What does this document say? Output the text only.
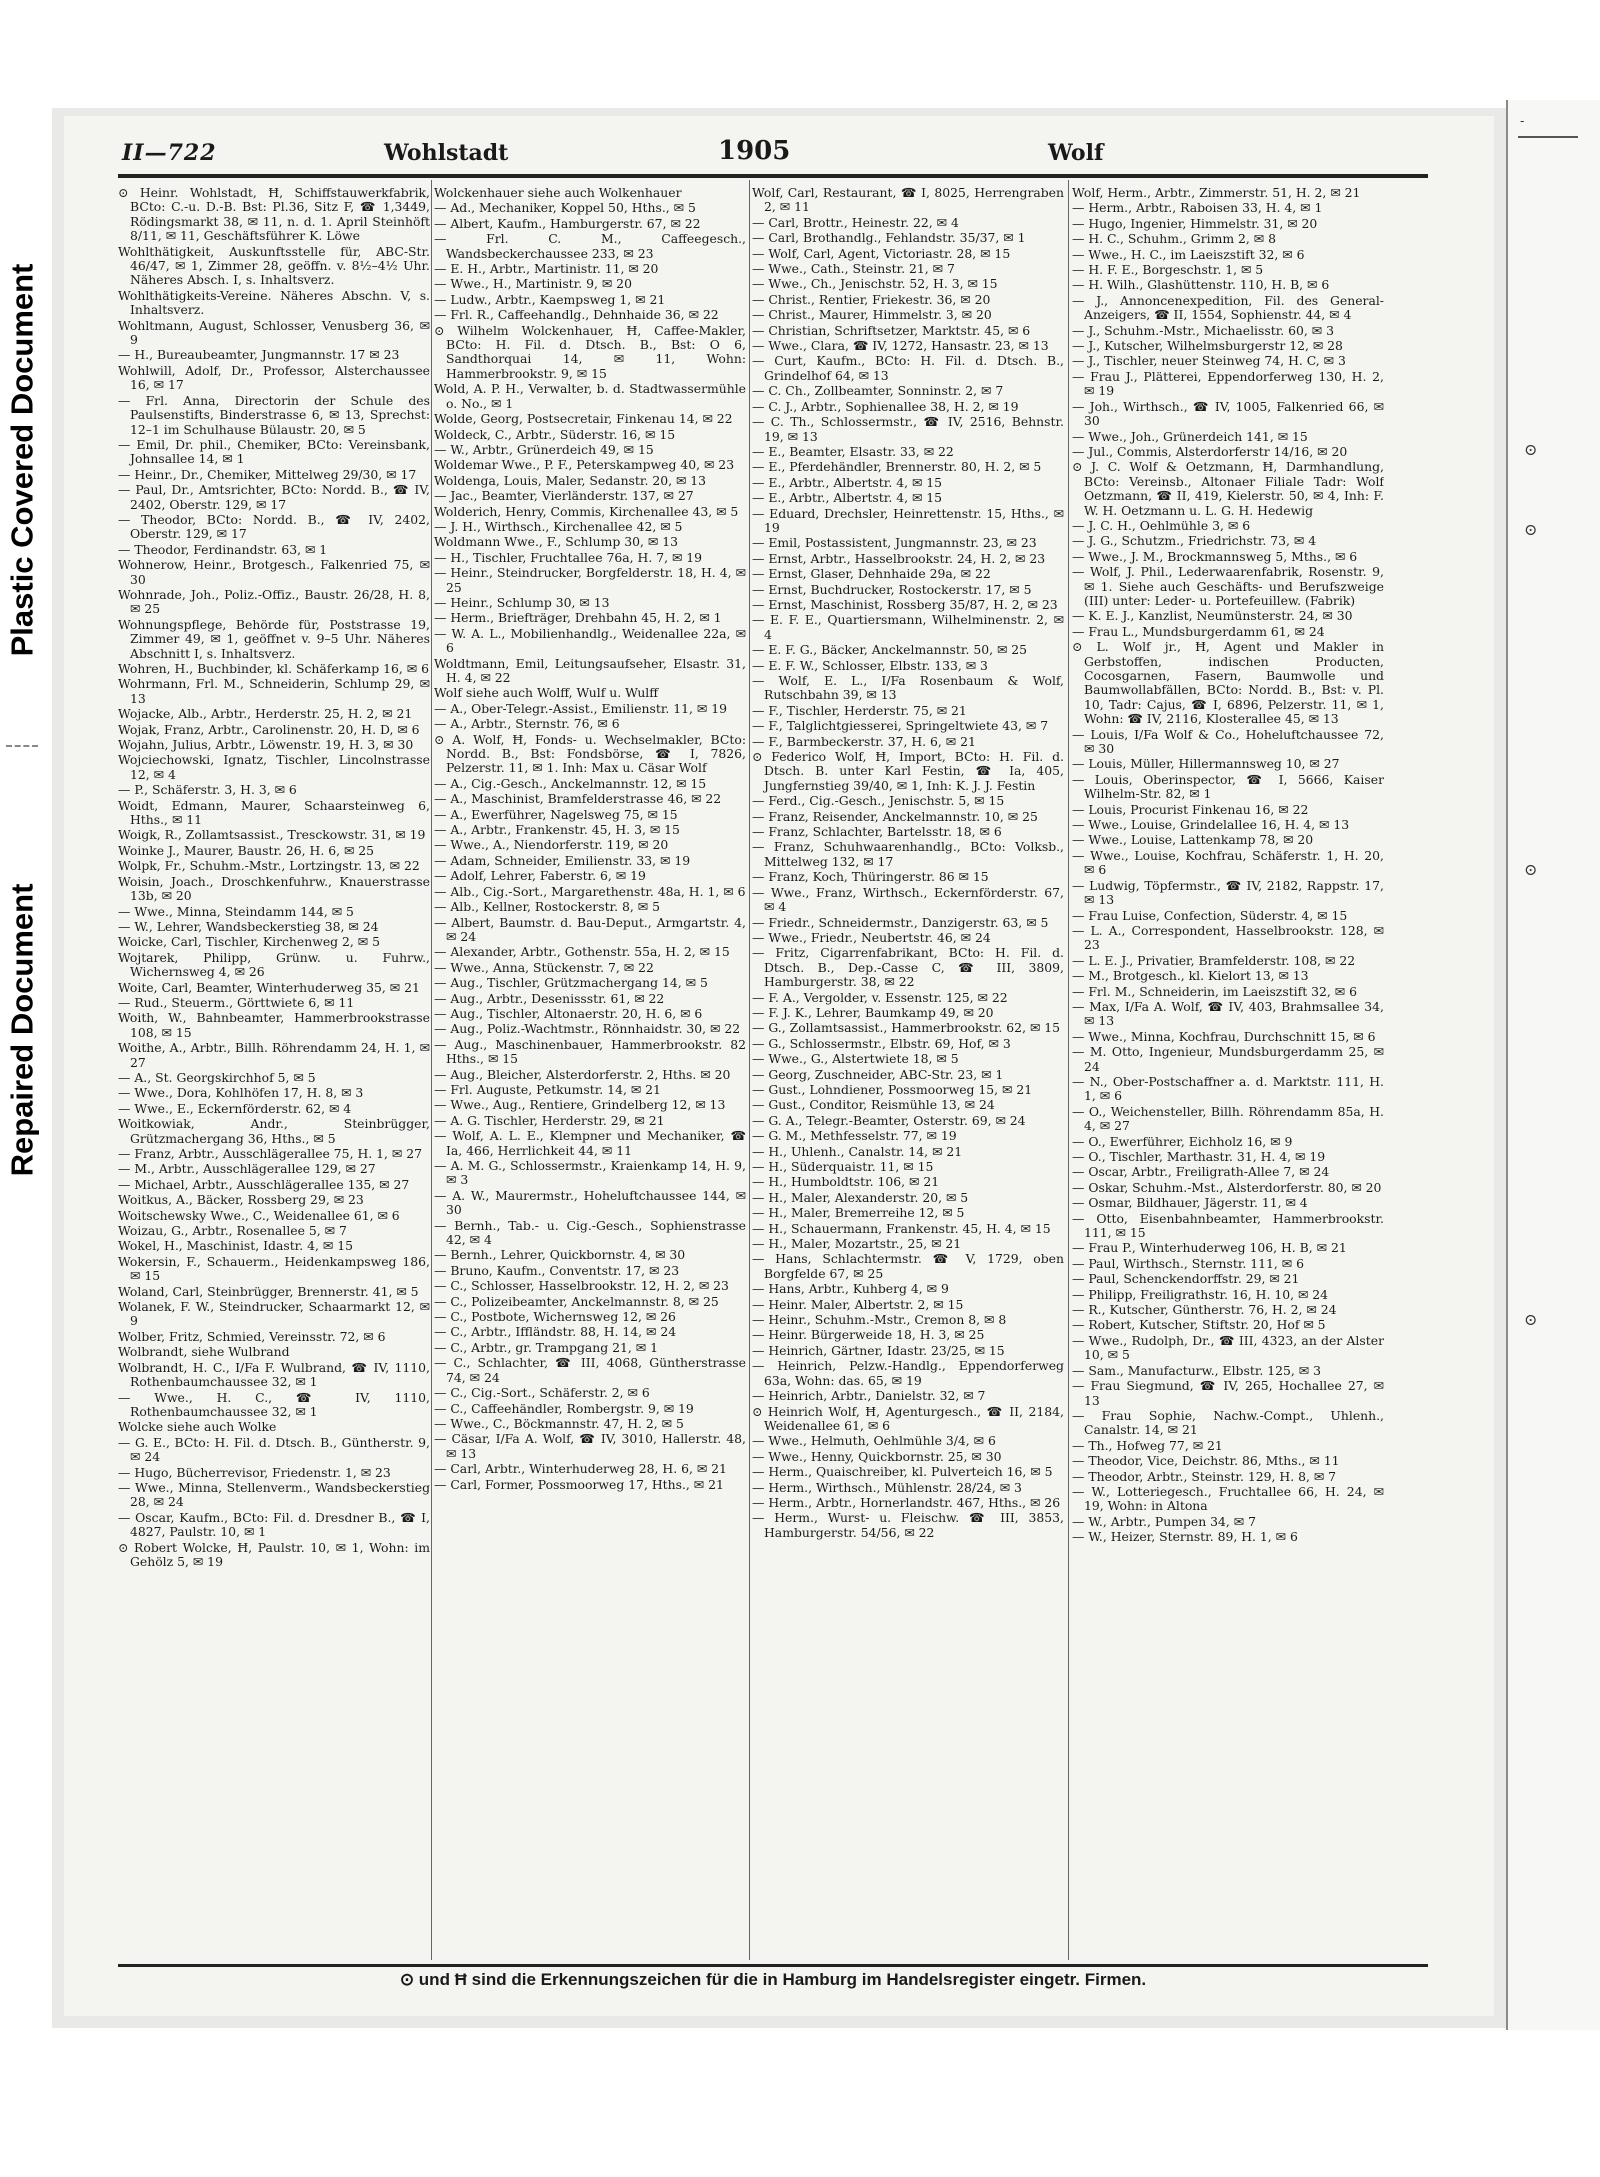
Plastic Covered Document
Repaired Document
-
⊙
⊙
⊙
⊙
II—722	Wohlstadt	1905	Wolf
⊙ Heinr. Wohlstadt, Ħ, Schiffstauwerkfabrik, BCto: C.-u. D.-B. Bst: Pl.36, Sitz F, ☎ 1,3449, Rödingsmarkt 38, ✉ 11, n. d. 1. April Steinhöft 8/11, ✉ 11, Geschäftsführer K. Löwe
Wohlthätigkeit, Auskunftsstelle für, ABC-Str. 46/47, ✉ 1, Zimmer 28, geöffn. v. 8½–4½ Uhr. Näheres Absch. I, s. Inhaltsverz.
Wohlthätigkeits-Vereine. Näheres Abschn. V, s. Inhaltsverz.
Wohltmann, August, Schlosser, Venusberg 36, ✉ 9
— H., Bureaubeamter, Jungmannstr. 17 ✉ 23
Wohlwill, Adolf, Dr., Professor, Alsterchaussee 16, ✉ 17
— Frl. Anna, Directorin der Schule des Paulsenstifts, Binderstrasse 6, ✉ 13, Sprechst: 12–1 im Schulhause Bülaustr. 20, ✉ 5
— Emil, Dr. phil., Chemiker, BCto: Vereinsbank, Johnsallee 14, ✉ 1
— Heinr., Dr., Chemiker, Mittelweg 29/30, ✉ 17
— Paul, Dr., Amtsrichter, BCto: Nordd. B., ☎ IV, 2402, Oberstr. 129, ✉ 17
— Theodor, BCto: Nordd. B., ☎ IV, 2402, Oberstr. 129, ✉ 17
— Theodor, Ferdinandstr. 63, ✉ 1
Wohnerow, Heinr., Brotgesch., Falkenried 75, ✉ 30
Wohnrade, Joh., Poliz.-Offiz., Baustr. 26/28, H. 8, ✉ 25
Wohnungspflege, Behörde für, Poststrasse 19, Zimmer 49, ✉ 1, geöffnet v. 9–5 Uhr. Näheres Abschnitt I, s. Inhaltsverz.
Wohren, H., Buchbinder, kl. Schäferkamp 16, ✉ 6
Wohrmann, Frl. M., Schneiderin, Schlump 29, ✉ 13
Wojacke, Alb., Arbtr., Herderstr. 25, H. 2, ✉ 21
Wojak, Franz, Arbtr., Carolinenstr. 20, H. D, ✉ 6
Wojahn, Julius, Arbtr., Löwenstr. 19, H. 3, ✉ 30
Wojciechowski, Ignatz, Tischler, Lincolnstrasse 12, ✉ 4
— P., Schäferstr. 3, H. 3, ✉ 6
Woidt, Edmann, Maurer, Schaarsteinweg 6, Hths., ✉ 11
Woigk, R., Zollamtsassist., Tresckowstr. 31, ✉ 19
Woinke J., Maurer, Baustr. 26, H. 6, ✉ 25
Wolpk, Fr., Schuhm.-Mstr., Lortzingstr. 13, ✉ 22
Woisin, Joach., Droschkenfuhrw., Knauerstrasse 13b, ✉ 20
— Wwe., Minna, Steindamm 144, ✉ 5
— W., Lehrer, Wandsbeckerstieg 38, ✉ 24
Woicke, Carl, Tischler, Kirchenweg 2, ✉ 5
Wojtarek, Philipp, Grünw. u. Fuhrw., Wichernsweg 4, ✉ 26
Woite, Carl, Beamter, Winterhuderweg 35, ✉ 21
— Rud., Steuerm., Görttwiete 6, ✉ 11
Woith, W., Bahnbeamter, Hammerbrookstrasse 108, ✉ 15
Woithe, A., Arbtr., Billh. Röhrendamm 24, H. 1, ✉ 27
— A., St. Georgskirchhof 5, ✉ 5
— Wwe., Dora, Kohlhöfen 17, H. 8, ✉ 3
— Wwe., E., Eckernförderstr. 62, ✉ 4
Woitkowiak, Andr., Steinbrügger, Grützmachergang 36, Hths., ✉ 5
— Franz, Arbtr., Ausschlägerallee 75, H. 1, ✉ 27
— M., Arbtr., Ausschlägerallee 129, ✉ 27
— Michael, Arbtr., Ausschlägerallee 135, ✉ 27
Woitkus, A., Bäcker, Rossberg 29, ✉ 23
Woitschewsky Wwe., C., Weidenallee 61, ✉ 6
Woizau, G., Arbtr., Rosenallee 5, ✉ 7
Wokel, H., Maschinist, Idastr. 4, ✉ 15
Wokersin, F., Schauerm., Heidenkampsweg 186, ✉ 15
Woland, Carl, Steinbrügger, Brennerstr. 41, ✉ 5
Wolanek, F. W., Steindrucker, Schaarmarkt 12, ✉ 9
Wolber, Fritz, Schmied, Vereinsstr. 72, ✉ 6
Wolbrandt, siehe Wulbrand
Wolbrandt, H. C., I/Fa F. Wulbrand, ☎ IV, 1110, Rothenbaumchaussee 32, ✉ 1
— Wwe., H. C., ☎ IV, 1110, Rothenbaumchaussee 32, ✉ 1
Wolcke siehe auch Wolke
— G. E., BCto: H. Fil. d. Dtsch. B., Güntherstr. 9, ✉ 24
— Hugo, Bücherrevisor, Friedenstr. 1, ✉ 23
— Wwe., Minna, Stellenverm., Wandsbeckerstieg 28, ✉ 24
— Oscar, Kaufm., BCto: Fil. d. Dresdner B., ☎ I, 4827, Paulstr. 10, ✉ 1
⊙ Robert Wolcke, Ħ, Paulstr. 10, ✉ 1, Wohn: im Gehölz 5, ✉ 19
Wolckenhauer siehe auch Wolkenhauer
— Ad., Mechaniker, Koppel 50, Hths., ✉ 5
— Albert, Kaufm., Hamburgerstr. 67, ✉ 22
— Frl. C. M., Caffeegesch., Wandsbeckerchaussee 233, ✉ 23
— E. H., Arbtr., Martinistr. 11, ✉ 20
— Wwe., H., Martinistr. 9, ✉ 20
— Ludw., Arbtr., Kaempsweg 1, ✉ 21
— Frl. R., Caffeehandlg., Dehnhaide 36, ✉ 22
⊙ Wilhelm Wolckenhauer, Ħ, Caffee-Makler, BCto: H. Fil. d. Dtsch. B., Bst: O 6, Sandthorquai 14, ✉ 11, Wohn: Hammerbrookstr. 9, ✉ 15
Wold, A. P. H., Verwalter, b. d. Stadtwassermühle o. No., ✉ 1
Wolde, Georg, Postsecretair, Finkenau 14, ✉ 22
Woldeck, C., Arbtr., Süderstr. 16, ✉ 15
— W., Arbtr., Grünerdeich 49, ✉ 15
Woldemar Wwe., P. F., Peterskampweg 40, ✉ 23
Woldenga, Louis, Maler, Sedanstr. 20, ✉ 13
— Jac., Beamter, Vierländerstr. 137, ✉ 27
Wolderich, Henry, Commis, Kirchenallee 43, ✉ 5
— J. H., Wirthsch., Kirchenallee 42, ✉ 5
Woldmann Wwe., F., Schlump 30, ✉ 13
— H., Tischler, Fruchtallee 76a, H. 7, ✉ 19
— Heinr., Steindrucker, Borgfelderstr. 18, H. 4, ✉ 25
— Heinr., Schlump 30, ✉ 13
— Herm., Briefträger, Drehbahn 45, H. 2, ✉ 1
— W. A. L., Mobilienhandlg., Weidenallee 22a, ✉ 6
Woldtmann, Emil, Leitungsaufseher, Elsastr. 31, H. 4, ✉ 22
Wolf siehe auch Wolff, Wulf u. Wulff
— A., Ober-Telegr.-Assist., Emilienstr. 11, ✉ 19
— A., Arbtr., Sternstr. 76, ✉ 6
⊙ A. Wolf, Ħ, Fonds- u. Wechselmakler, BCto: Nordd. B., Bst: Fondsbörse, ☎ I, 7826, Pelzerstr. 11, ✉ 1. Inh: Max u. Cäsar Wolf
— A., Cig.-Gesch., Anckelmannstr. 12, ✉ 15
— A., Maschinist, Bramfelderstrasse 46, ✉ 22
— A., Ewerführer, Nagelsweg 75, ✉ 15
— A., Arbtr., Frankenstr. 45, H. 3, ✉ 15
— Wwe., A., Niendorferstr. 119, ✉ 20
— Adam, Schneider, Emilienstr. 33, ✉ 19
— Adolf, Lehrer, Faberstr. 6, ✉ 19
— Alb., Cig.-Sort., Margarethenstr. 48a, H. 1, ✉ 6
— Alb., Kellner, Rostockerstr. 8, ✉ 5
— Albert, Baumstr. d. Bau-Deput., Armgartstr. 4, ✉ 24
— Alexander, Arbtr., Gothenstr. 55a, H. 2, ✉ 15
— Wwe., Anna, Stückenstr. 7, ✉ 22
— Aug., Tischler, Grützmachergang 14, ✉ 5
— Aug., Arbtr., Desenissstr. 61, ✉ 22
— Aug., Tischler, Altonaerstr. 20, H. 6, ✉ 6
— Aug., Poliz.-Wachtmstr., Rönnhaidstr. 30, ✉ 22
— Aug., Maschinenbauer, Hammerbrookstr. 82 Hths., ✉ 15
— Aug., Bleicher, Alsterdorferstr. 2, Hths. ✉ 20
— Frl. Auguste, Petkumstr. 14, ✉ 21
— Wwe., Aug., Rentiere, Grindelberg 12, ✉ 13
— A. G. Tischler, Herderstr. 29, ✉ 21
— Wolf, A. L. E., Klempner und Mechaniker, ☎ Ia, 466, Herrlichkeit 44, ✉ 11
— A. M. G., Schlossermstr., Kraienkamp 14, H. 9, ✉ 3
— A. W., Maurermstr., Hoheluftchaussee 144, ✉ 30
— Bernh., Tab.- u. Cig.-Gesch., Sophienstrasse 42, ✉ 4
— Bernh., Lehrer, Quickbornstr. 4, ✉ 30
— Bruno, Kaufm., Conventstr. 17, ✉ 23
— C., Schlosser, Hasselbrookstr. 12, H. 2, ✉ 23
— C., Polizeibeamter, Anckelmannstr. 8, ✉ 25
— C., Postbote, Wichernsweg 12, ✉ 26
— C., Arbtr., Iffländstr. 88, H. 14, ✉ 24
— C., Arbtr., gr. Trampgang 21, ✉ 1
— C., Schlachter, ☎ III, 4068, Güntherstrasse 74, ✉ 24
— C., Cig.-Sort., Schäferstr. 2, ✉ 6
— C., Caffeehändler, Rombergstr. 9, ✉ 19
— Wwe., C., Böckmannstr. 47, H. 2, ✉ 5
— Cäsar, I/Fa A. Wolf, ☎ IV, 3010, Hallerstr. 48, ✉ 13
— Carl, Arbtr., Winterhuderweg 28, H. 6, ✉ 21
— Carl, Former, Possmoorweg 17, Hths., ✉ 21
Wolf, Carl, Restaurant, ☎ I, 8025, Herrengraben 2, ✉ 11
— Carl, Brottr., Heinestr. 22, ✉ 4
— Carl, Brothandlg., Fehlandstr. 35/37, ✉ 1
— Wolf, Carl, Agent, Victoriastr. 28, ✉ 15
— Wwe., Cath., Steinstr. 21, ✉ 7
— Wwe., Ch., Jenischstr. 52, H. 3, ✉ 15
— Christ., Rentier, Friekestr. 36, ✉ 20
— Christ., Maurer, Himmelstr. 3, ✉ 20
— Christian, Schriftsetzer, Marktstr. 45, ✉ 6
— Wwe., Clara, ☎ IV, 1272, Hansastr. 23, ✉ 13
— Curt, Kaufm., BCto: H. Fil. d. Dtsch. B., Grindelhof 64, ✉ 13
— C. Ch., Zollbeamter, Sonninstr. 2, ✉ 7
— C. J., Arbtr., Sophienallee 38, H. 2, ✉ 19
— C. Th., Schlossermstr., ☎ IV, 2516, Behnstr. 19, ✉ 13
— E., Beamter, Elsastr. 33, ✉ 22
— E., Pferdehändler, Brennerstr. 80, H. 2, ✉ 5
— E., Arbtr., Albertstr. 4, ✉ 15
— E., Arbtr., Albertstr. 4, ✉ 15
— Eduard, Drechsler, Heinrettenstr. 15, Hths., ✉ 19
— Emil, Postassistent, Jungmannstr. 23, ✉ 23
— Ernst, Arbtr., Hasselbrookstr. 24, H. 2, ✉ 23
— Ernst, Glaser, Dehnhaide 29a, ✉ 22
— Ernst, Buchdrucker, Rostockerstr. 17, ✉ 5
— Ernst, Maschinist, Rossberg 35/87, H. 2, ✉ 23
— E. F. E., Quartiersmann, Wilhelminenstr. 2, ✉ 4
— E. F. G., Bäcker, Anckelmannstr. 50, ✉ 25
— E. F. W., Schlosser, Elbstr. 133, ✉ 3
— Wolf, E. L., I/Fa Rosenbaum & Wolf, Rutschbahn 39, ✉ 13
— F., Tischler, Herderstr. 75, ✉ 21
— F., Talglichtgiesserei, Springeltwiete 43, ✉ 7
— F., Barmbeckerstr. 37, H. 6, ✉ 21
⊙ Federico Wolf, Ħ, Import, BCto: H. Fil. d. Dtsch. B. unter Karl Festin, ☎ Ia, 405, Jungfernstieg 39/40, ✉ 1, Inh: K. J. J. Festin
— Ferd., Cig.-Gesch., Jenischstr. 5, ✉ 15
— Franz, Reisender, Anckelmannstr. 10, ✉ 25
— Franz, Schlachter, Bartelsstr. 18, ✉ 6
— Franz, Schuhwaarenhandlg., BCto: Volksb., Mittelweg 132, ✉ 17
— Franz, Koch, Thüringerstr. 86 ✉ 15
— Wwe., Franz, Wirthsch., Eckernförderstr. 67, ✉ 4
— Friedr., Schneidermstr., Danzigerstr. 63, ✉ 5
— Wwe., Friedr., Neubertstr. 46, ✉ 24
— Fritz, Cigarrenfabrikant, BCto: H. Fil. d. Dtsch. B., Dep.-Casse C, ☎ III, 3809, Hamburgerstr. 38, ✉ 22
— F. A., Vergolder, v. Essenstr. 125, ✉ 22
— F. J. K., Lehrer, Baumkamp 49, ✉ 20
— G., Zollamtsassist., Hammerbrookstr. 62, ✉ 15
— G., Schlossermstr., Elbstr. 69, Hof, ✉ 3
— Wwe., G., Alstertwiete 18, ✉ 5
— Georg, Zuschneider, ABC-Str. 23, ✉ 1
— Gust., Lohndiener, Possmoorweg 15, ✉ 21
— Gust., Conditor, Reismühle 13, ✉ 24
— G. A., Telegr.-Beamter, Osterstr. 69, ✉ 24
— G. M., Methfesselstr. 77, ✉ 19
— H., Uhlenh., Canalstr. 14, ✉ 21
— H., Süderquaistr. 11, ✉ 15
— H., Humboldtstr. 106, ✉ 21
— H., Maler, Alexanderstr. 20, ✉ 5
— H., Maler, Bremerreihe 12, ✉ 5
— H., Schauermann, Frankenstr. 45, H. 4, ✉ 15
— H., Maler, Mozartstr., 25, ✉ 21
— Hans, Schlachtermstr. ☎ V, 1729, oben Borgfelde 67, ✉ 25
— Hans, Arbtr., Kuhberg 4, ✉ 9
— Heinr. Maler, Albertstr. 2, ✉ 15
— Heinr., Schuhm.-Mstr., Cremon 8, ✉ 8
— Heinr. Bürgerweide 18, H. 3, ✉ 25
— Heinrich, Gärtner, Idastr. 23/25, ✉ 15
— Heinrich, Pelzw.-Handlg., Eppendorferweg 63a, Wohn: das. 65, ✉ 19
— Heinrich, Arbtr., Danielstr. 32, ✉ 7
⊙ Heinrich Wolf, Ħ, Agenturgesch., ☎ II, 2184, Weidenallee 61, ✉ 6
— Wwe., Helmuth, Oehlmühle 3/4, ✉ 6
— Wwe., Henny, Quickbornstr. 25, ✉ 30
— Herm., Quaischreiber, kl. Pulverteich 16, ✉ 5
— Herm., Wirthsch., Mühlenstr. 28/24, ✉ 3
— Herm., Arbtr., Hornerlandstr. 467, Hths., ✉ 26
— Herm., Wurst- u. Fleischw. ☎ III, 3853, Hamburgerstr. 54/56, ✉ 22
Wolf, Herm., Arbtr., Zimmerstr. 51, H. 2, ✉ 21
— Herm., Arbtr., Raboisen 33, H. 4, ✉ 1
— Hugo, Ingenier, Himmelstr. 31, ✉ 20
— H. C., Schuhm., Grimm 2, ✉ 8
— Wwe., H. C., im Laeiszstift 32, ✉ 6
— H. F. E., Borgeschstr. 1, ✉ 5
— H. Wilh., Glashüttenstr. 110, H. B, ✉ 6
— J., Annoncenexpedition, Fil. des General-Anzeigers, ☎ II, 1554, Sophienstr. 44, ✉ 4
— J., Schuhm.-Mstr., Michaelisstr. 60, ✉ 3
— J., Kutscher, Wilhelmsburgerstr 12, ✉ 28
— J., Tischler, neuer Steinweg 74, H. C, ✉ 3
— Frau J., Plätterei, Eppendorferweg 130, H. 2, ✉ 19
— Joh., Wirthsch., ☎ IV, 1005, Falkenried 66, ✉ 30
— Wwe., Joh., Grünerdeich 141, ✉ 15
— Jul., Commis, Alsterdorferstr 14/16, ✉ 20
⊙ J. C. Wolf & Oetzmann, Ħ, Darmhandlung, BCto: Vereinsb., Altonaer Filiale Tadr: Wolf Oetzmann, ☎ II, 419, Kielerstr. 50, ✉ 4, Inh: F. W. H. Oetzmann u. L. G. H. Hedewig
— J. C. H., Oehlmühle 3, ✉ 6
— J. G., Schutzm., Friedrichstr. 73, ✉ 4
— Wwe., J. M., Brockmannsweg 5, Mths., ✉ 6
— Wolf, J. Phil., Lederwaarenfabrik, Rosenstr. 9, ✉ 1. Siehe auch Geschäfts- und Berufszweige (III) unter: Leder- u. Portefeuillew. (Fabrik)
— K. E. J., Kanzlist, Neumünsterstr. 24, ✉ 30
— Frau L., Mundsburgerdamm 61, ✉ 24
⊙ L. Wolf jr., Ħ, Agent und Makler in Gerbstoffen, indischen Producten, Cocosgarnen, Fasern, Baumwolle und Baumwollabfällen, BCto: Nordd. B., Bst: v. Pl. 10, Tadr: Cajus, ☎ I, 6896, Pelzerstr. 11, ✉ 1, Wohn: ☎ IV, 2116, Klosterallee 45, ✉ 13
— Louis, I/Fa Wolf & Co., Hoheluftchaussee 72, ✉ 30
— Louis, Müller, Hillermannsweg 10, ✉ 27
— Louis, Oberinspector, ☎ I, 5666, Kaiser Wilhelm-Str. 82, ✉ 1
— Louis, Procurist Finkenau 16, ✉ 22
— Wwe., Louise, Grindelallee 16, H. 4, ✉ 13
— Wwe., Louise, Lattenkamp 78, ✉ 20
— Wwe., Louise, Kochfrau, Schäferstr. 1, H. 20, ✉ 6
— Ludwig, Töpfermstr., ☎ IV, 2182, Rappstr. 17, ✉ 13
— Frau Luise, Confection, Süderstr. 4, ✉ 15
— L. A., Correspondent, Hasselbrookstr. 128, ✉ 23
— L. E. J., Privatier, Bramfelderstr. 108, ✉ 22
— M., Brotgesch., kl. Kielort 13, ✉ 13
— Frl. M., Schneiderin, im Laeiszstift 32, ✉ 6
— Max, I/Fa A. Wolf, ☎ IV, 403, Brahmsallee 34, ✉ 13
— Wwe., Minna, Kochfrau, Durchschnitt 15, ✉ 6
— M. Otto, Ingenieur, Mundsburgerdamm 25, ✉ 24
— N., Ober-Postschaffner a. d. Marktstr. 111, H. 1, ✉ 6
— O., Weichensteller, Billh. Röhrendamm 85a, H. 4, ✉ 27
— O., Ewerführer, Eichholz 16, ✉ 9
— O., Tischler, Marthastr. 31, H. 4, ✉ 19
— Oscar, Arbtr., Freiligrath-Allee 7, ✉ 24
— Oskar, Schuhm.-Mst., Alsterdorferstr. 80, ✉ 20
— Osmar, Bildhauer, Jägerstr. 11, ✉ 4
— Otto, Eisenbahnbeamter, Hammerbrookstr. 111, ✉ 15
— Frau P., Winterhuderweg 106, H. B, ✉ 21
— Paul, Wirthsch., Sternstr. 111, ✉ 6
— Paul, Schenckendorffstr. 29, ✉ 21
— Philipp, Freiligrathstr. 16, H. 10, ✉ 24
— R., Kutscher, Güntherstr. 76, H. 2, ✉ 24
— Robert, Kutscher, Stiftstr. 20, Hof ✉ 5
— Wwe., Rudolph, Dr., ☎ III, 4323, an der Alster 10, ✉ 5
— Sam., Manufacturw., Elbstr. 125, ✉ 3
— Frau Siegmund, ☎ IV, 265, Hochallee 27, ✉ 13
— Frau Sophie, Nachw.-Compt., Uhlenh., Canalstr. 14, ✉ 21
— Th., Hofweg 77, ✉ 21
— Theodor, Vice, Deichstr. 86, Mths., ✉ 11
— Theodor, Arbtr., Steinstr. 129, H. 8, ✉ 7
— W., Lotteriegesch., Fruchtallee 66, H. 24, ✉ 19, Wohn: in Altona
— W., Arbtr., Pumpen 34, ✉ 7
— W., Heizer, Sternstr. 89, H. 1, ✉ 6
⊙ und Ħ sind die Erkennungszeichen für die in Hamburg im Handelsregister eingetr. Firmen.
